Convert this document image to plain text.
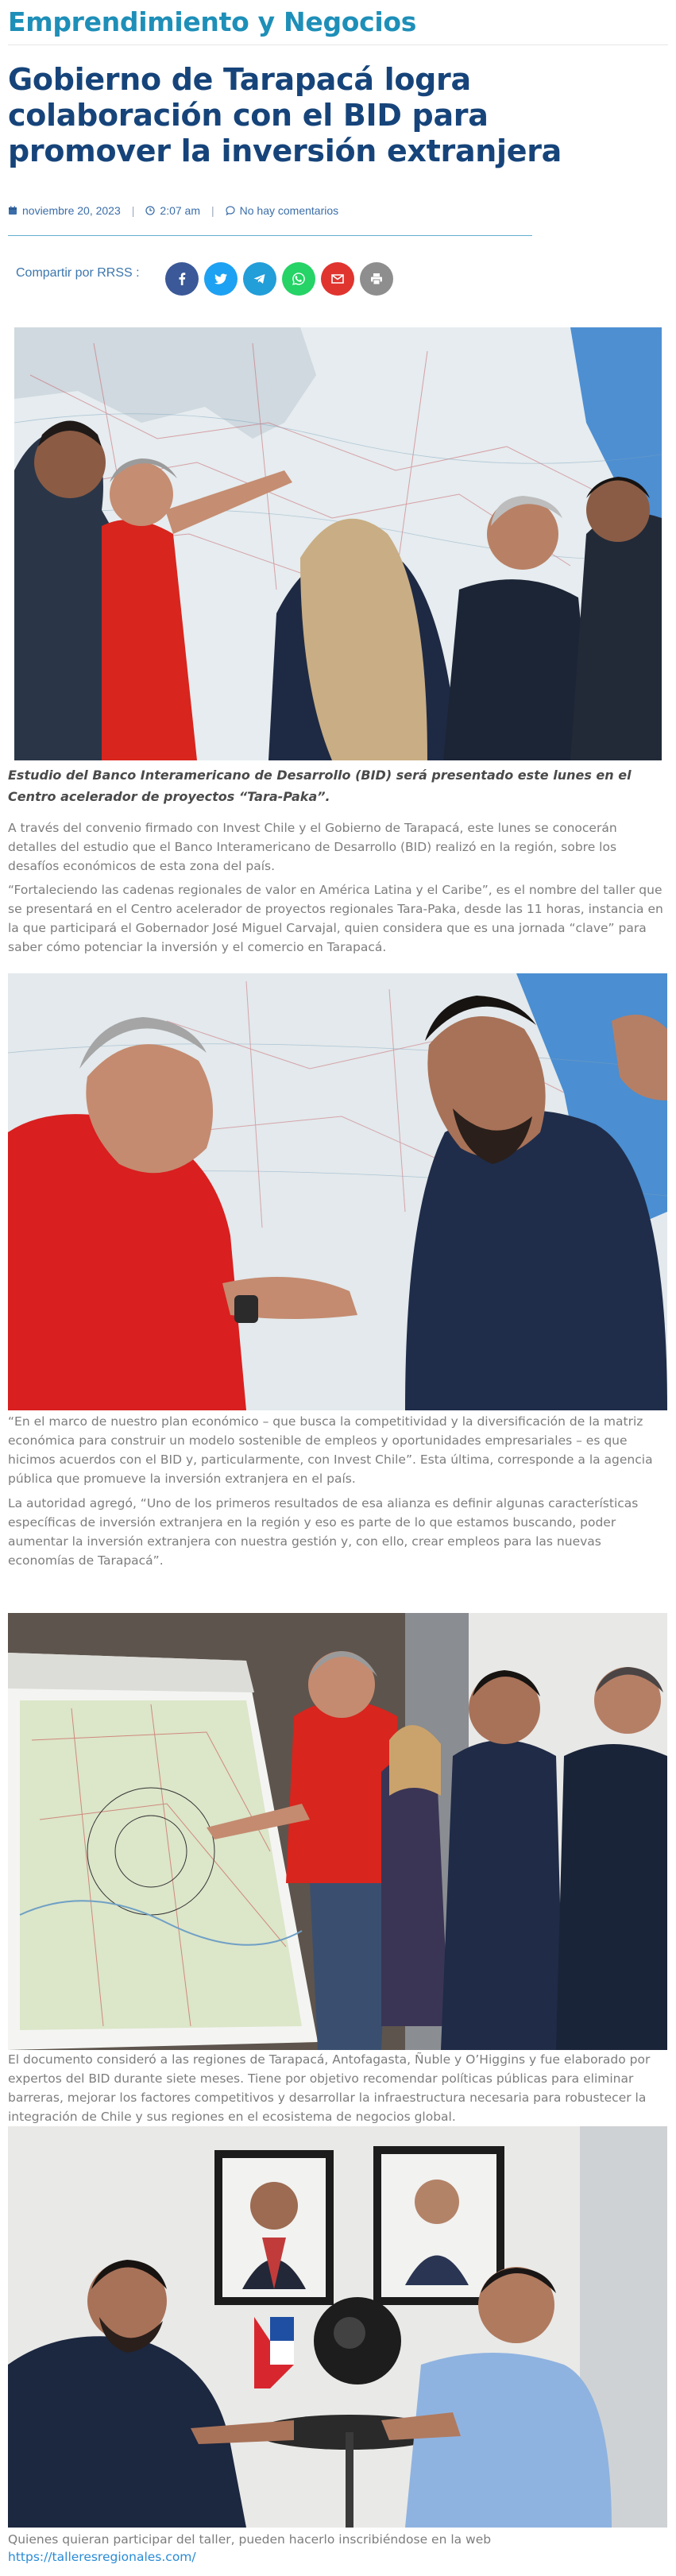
Emprendimiento y Negocios
Gobierno de Tarapacá logra colaboración con el BID para promover la inversión extranjera
noviembre 20, 2023 | 2:07 am | No hay comentarios
Compartir por RRSS :
Estudio del Banco Interamericano de Desarrollo (BID) será presentado este lunes en el Centro acelerador de proyectos “Tara-Paka”.

A través del convenio firmado con Invest Chile y el Gobierno de Tarapacá, este lunes se conocerán detalles del estudio que el Banco Interamericano de Desarrollo (BID) realizó en la región, sobre los desafíos económicos de esta zona del país.

“Fortaleciendo las cadenas regionales de valor en América Latina y el Caribe”, es el nombre del taller que se presentará en el Centro acelerador de proyectos regionales Tara-Paka, desde las 11 horas, instancia en la que participará el Gobernador José Miguel Carvajal, quien considera que es una jornada “clave” para saber cómo potenciar la inversión y el comercio en Tarapacá.

“En el marco de nuestro plan económico – que busca la competitividad y la diversificación de la matriz económica para construir un modelo sostenible de empleos y oportunidades empresariales – es que hicimos acuerdos con el BID y, particularmente, con Invest Chile”. Esta última, corresponde a la agencia pública que promueve la inversión extranjera en el país.

La autoridad agregó, “Uno de los primeros resultados de esa alianza es definir algunas características específicas de inversión extranjera en la región y eso es parte de lo que estamos buscando, poder aumentar la inversión extranjera con nuestra gestión y, con ello, crear empleos para las nuevas economías de Tarapacá”.

El documento consideró a las regiones de Tarapacá, Antofagasta, Ñuble y O’Higgins y fue elaborado por expertos del BID durante siete meses. Tiene por objetivo recomendar políticas públicas para eliminar barreras, mejorar los factores competitivos y desarrollar la infraestructura necesaria para robustecer la integración de Chile y sus regiones en el ecosistema de negocios global.

Quienes quieran participar del taller, pueden hacerlo inscribiéndose en la web

https://talleresregionales.com/
